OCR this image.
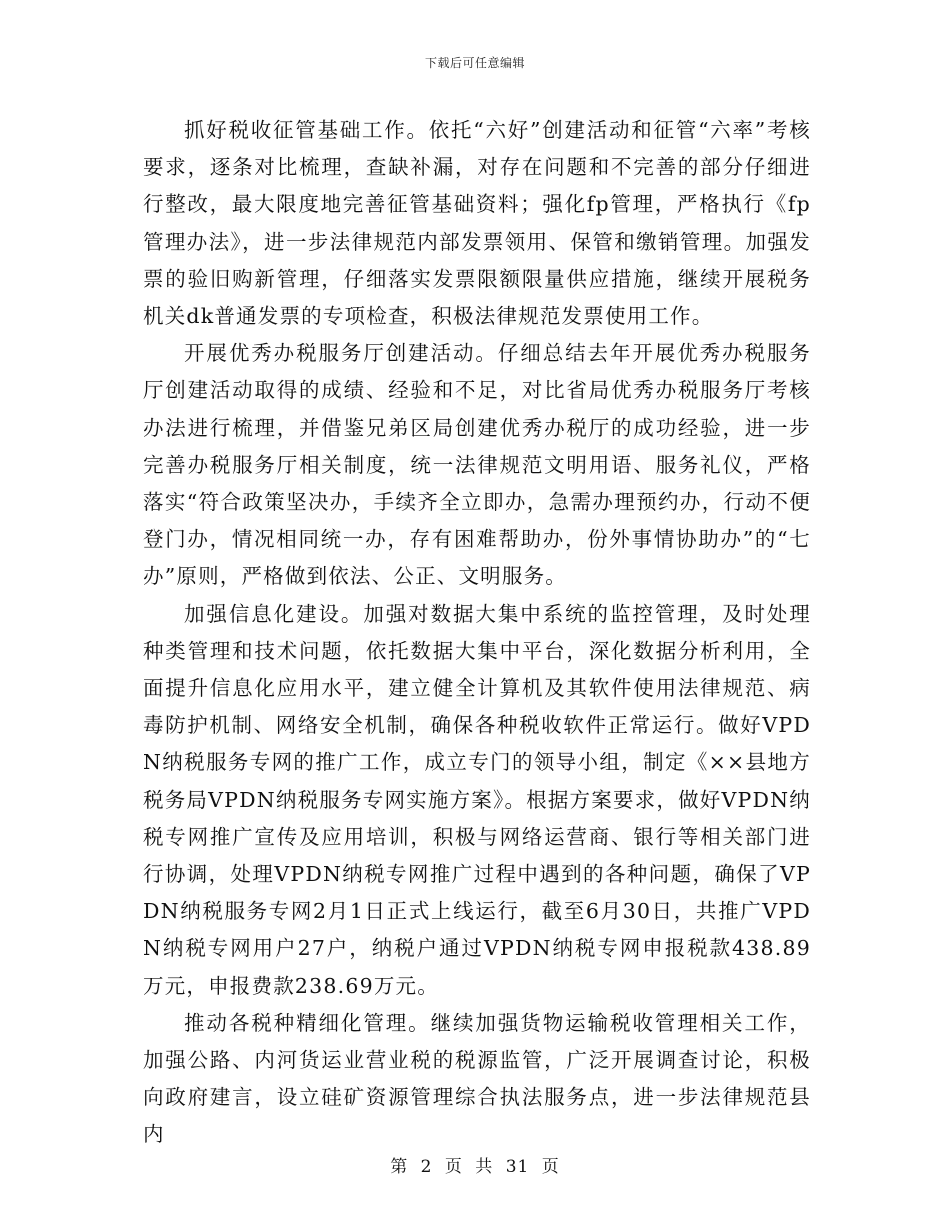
下载后可任意编辑

抓好税收征管基础工作。依托“六好”创建活动和征管“六率”考核要求，逐条对比梳理，查缺补漏，对存在问题和不完善的部分仔细进行整改，最大限度地完善征管基础资料；强化fp管理，严格执行《fp管理办法》，进一步法律规范内部发票领用、保管和缴销管理。加强发票的验旧购新管理，仔细落实发票限额限量供应措施，继续开展税务机关dk普通发票的专项检查，积极法律规范发票使用工作。

开展优秀办税服务厅创建活动。仔细总结去年开展优秀办税服务厅创建活动取得的成绩、经验和不足，对比省局优秀办税服务厅考核办法进行梳理，并借鉴兄弟区局创建优秀办税厅的成功经验，进一步完善办税服务厅相关制度，统一法律规范文明用语、服务礼仪，严格落实“符合政策坚决办，手续齐全立即办，急需办理预约办，行动不便登门办，情况相同统一办，存有困难帮助办，份外事情协助办”的“七办”原则，严格做到依法、公正、文明服务。

加强信息化建设。加强对数据大集中系统的监控管理，及时处理种类管理和技术问题，依托数据大集中平台，深化数据分析利用，全面提升信息化应用水平，建立健全计算机及其软件使用法律规范、病毒防护机制、网络安全机制，确保各种税收软件正常运行。做好VPDN纳税服务专网的推广工作，成立专门的领导小组，制定《××县地方税务局VPDN纳税服务专网实施方案》。根据方案要求，做好VPDN纳税专网推广宣传及应用培训，积极与网络运营商、银行等相关部门进行协调，处理VPDN纳税专网推广过程中遇到的各种问题，确保了VPDN纳税服务专网2月1日正式上线运行，截至6月30日，共推广VPDN纳税专网用户27户，纳税户通过VPDN纳税专网申报税款438.89万元，申报费款238.69万元。

推动各税种精细化管理。继续加强货物运输税收管理相关工作，加强公路、内河货运业营业税的税源监管，广泛开展调查讨论，积极向政府建言，设立硅矿资源管理综合执法服务点，进一步法律规范县内

第 2 页 共 31 页
